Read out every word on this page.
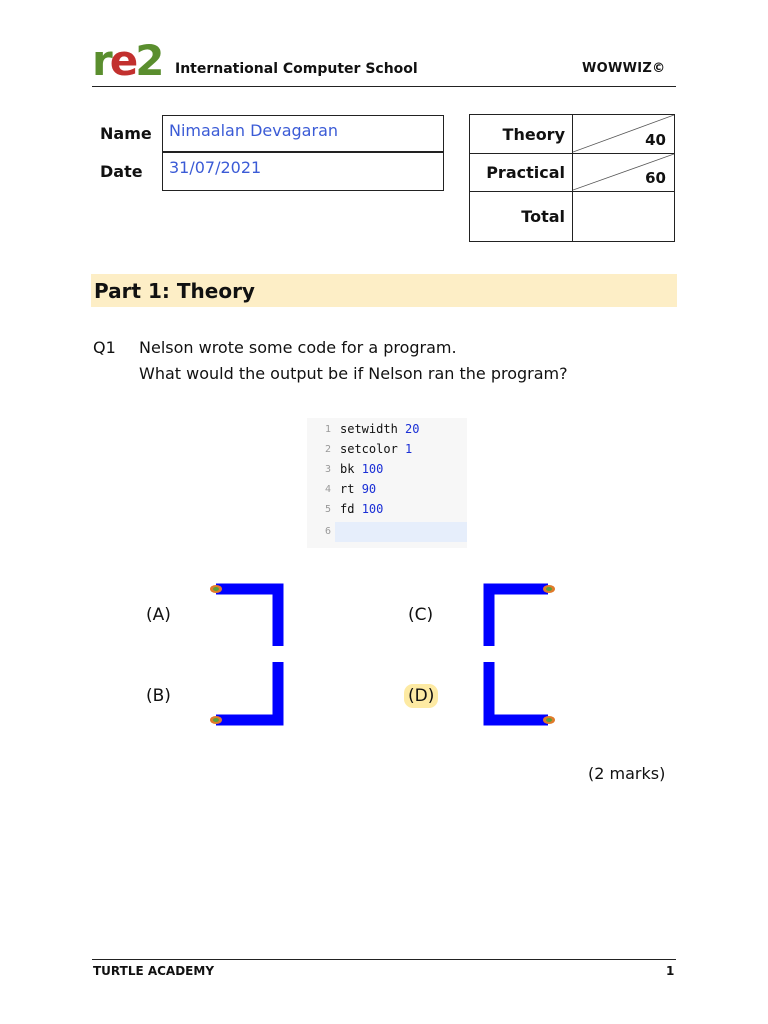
r e 2 International Computer School	WOWWIZ©
Name Nimaalan Devagaran
Date 31/07/2021
Theory	40
Practical	60
Total
Part 1: Theory
Q1 Nelson wrote some code for a program.
What would the output be if Nelson ran the program?
1 setwidth 20
2 setcolor 1
3 bk 100
4 rt 90
5 fd 100
6
(A)
(B)
(C)
(D)
(2 marks)
TURTLE ACADEMY	1
